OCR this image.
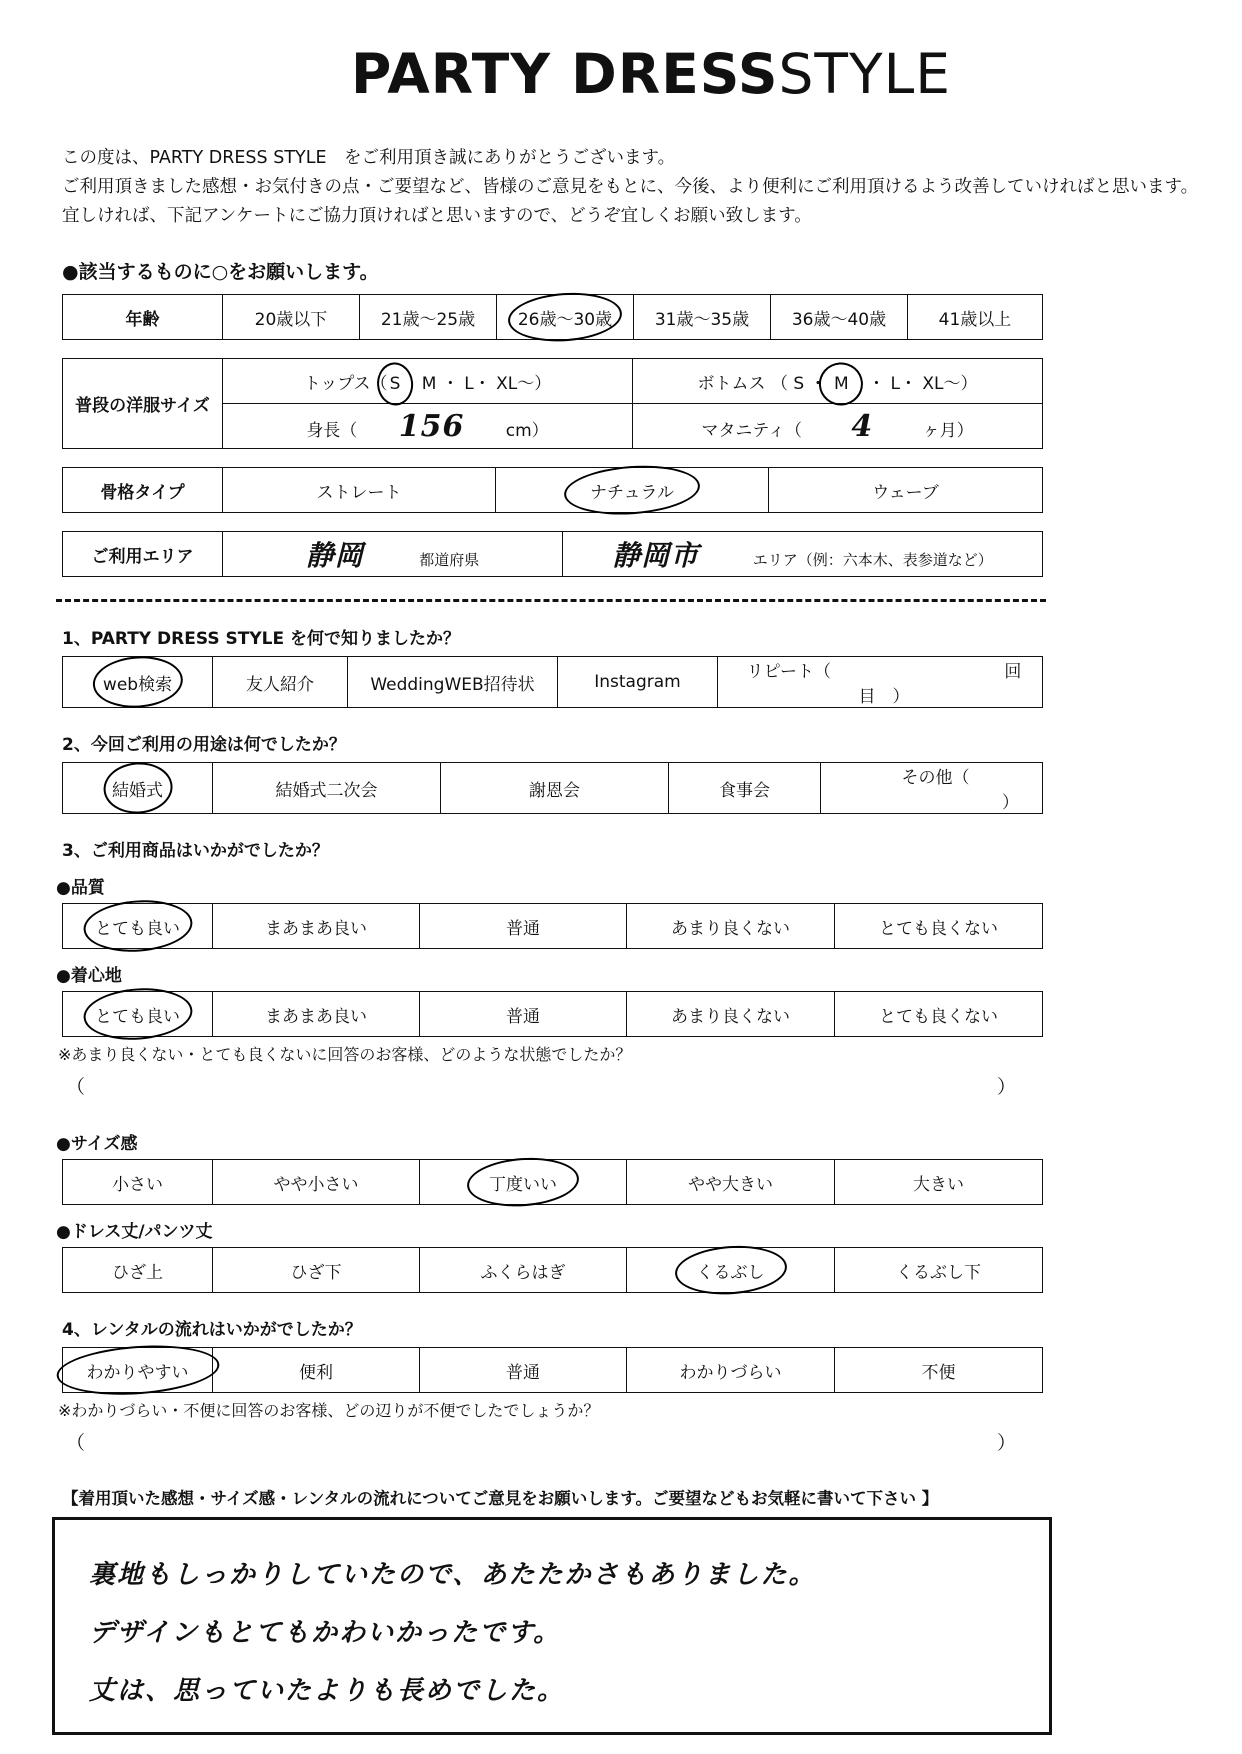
PARTY DRESSSTYLE
この度は、PARTY DRESS STYLE　をご利用頂き誠にありがとうございます。
ご利用頂きました感想・お気付きの点・ご要望など、皆様のご意見をもとに、今後、より便利にご利用頂けるよう改善していければと思います。
宜しければ、下記アンケートにご協力頂ければと思いますので、どうぞ宜しくお願い致します。
●該当するものに○をお願いします。
年齢	20歳以下	21歳〜25歳	26歳〜30歳	31歳〜35歳	36歳〜40歳	41歳以上
普段の洋服サイズ	トップス（ S M ・ L・ XL〜）	ボトムス （ S ・ M ・ L・ XL〜）
	身長（ 156 cm）	マタニティ（ 4 ヶ月）
骨格タイプ	ストレート	ナチュラル	ウェーブ
ご利用エリア	静岡	都道府県	静岡市	エリア（例：六本木、表参道など）
1、PARTY DRESS STYLE を何で知りましたか？
web検索	友人紹介	WeddingWEB招待状	Instagram	リピート（	回目　）
2、今回ご利用の用途は何でしたか？
結婚式	結婚式二次会	謝恩会	食事会	その他（ ）
3、ご利用商品はいかがでしたか？
●品質
とても良い	まあまあ良い	普通	あまり良くない	とても良くない
●着心地
とても良い	まあまあ良い	普通	あまり良くない	とても良くない
※あまり良くない・とても良くないに回答のお客様、どのような状態でしたか？
（	）
●サイズ感
小さい	やや小さい	丁度いい	やや大きい	大きい
●ドレス丈/パンツ丈
ひざ上	ひざ下	ふくらはぎ	くるぶし	くるぶし下
4、レンタルの流れはいかがでしたか？
わかりやすい	便利	普通	わかりづらい	不便
※わかりづらい・不便に回答のお客様、どの辺りが不便でしたでしょうか？
（	）
【着用頂いた感想・サイズ感・レンタルの流れについてご意見をお願いします。ご要望などもお気軽に書いて下さい 】
裏地もしっかりしていたので、あたたかさもありました。
デザインもとてもかわいかったです。
丈は、思っていたよりも長めでした。
